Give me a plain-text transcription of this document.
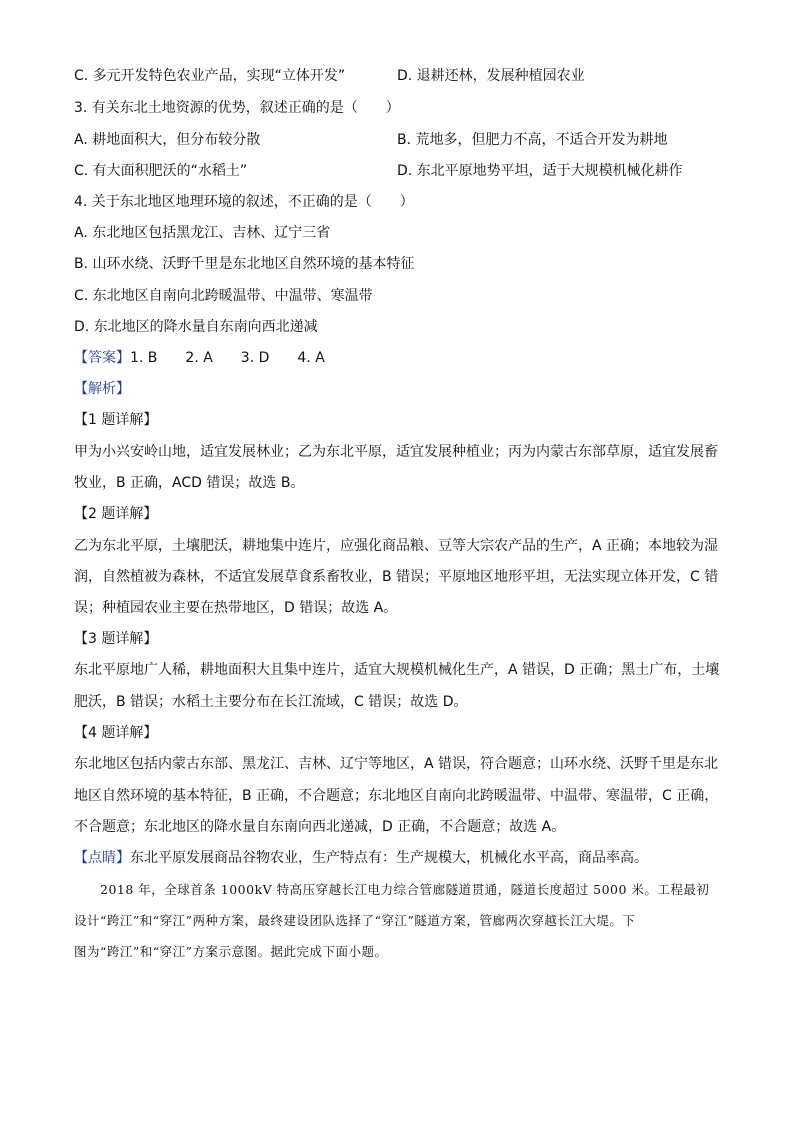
C. 多元开发特色农业产品，实现“立体开发”	D. 退耕还林，发展种植园农业
3. 有关东北土地资源的优势，叙述正确的是（　　）
A. 耕地面积大，但分布较分散	B. 荒地多，但肥力不高，不适合开发为耕地
C. 有大面积肥沃的“水稻土”	D. 东北平原地势平坦，适于大规模机械化耕作
4. 关于东北地区地理环境的叙述，不正确的是（　　）
A. 东北地区包括黑龙江、吉林、辽宁三省
B. 山环水绕、沃野千里是东北地区自然环境的基本特征
C. 东北地区自南向北跨暖温带、中温带、寒温带
D. 东北地区的降水量自东南向西北递减
【答案】1. B　　2. A　　3. D　　4. A
【解析】
【1 题详解】
甲为小兴安岭山地，适宜发展林业；乙为东北平原，适宜发展种植业；丙为内蒙古东部草原，适宜发展畜
牧业，B 正确，ACD 错误；故选 B。
【2 题详解】
乙为东北平原，土壤肥沃，耕地集中连片，应强化商品粮、豆等大宗农产品的生产，A 正确；本地较为湿
润，自然植被为森林，不适宜发展草食系畜牧业，B 错误；平原地区地形平坦，无法实现立体开发，C 错
误；种植园农业主要在热带地区，D 错误；故选 A。
【3 题详解】
东北平原地广人稀，耕地面积大且集中连片，适宜大规模机械化生产，A 错误，D 正确；黑土广布，土壤
肥沃，B 错误；水稻土主要分布在长江流域，C 错误；故选 D。
【4 题详解】
东北地区包括内蒙古东部、黑龙江、吉林、辽宁等地区，A 错误，符合题意；山环水绕、沃野千里是东北
地区自然环境的基本特征，B 正确，不合题意；东北地区自南向北跨暖温带、中温带、寒温带，C 正确，
不合题意；东北地区的降水量自东南向西北递减，D 正确，不合题意；故选 A。
【点睛】东北平原发展商品谷物农业，生产特点有：生产规模大，机械化水平高，商品率高。
　　2018 年，全球首条 1000kV 特高压穿越长江电力综合管廊隧道贯通，隧道长度超过 5000 米。工程最初
设计“跨江”和“穿江”两种方案，最终建设团队选择了“穿江”隧道方案，管廊两次穿越长江大堤。下
图为“跨江”和“穿江”方案示意图。据此完成下面小题。
